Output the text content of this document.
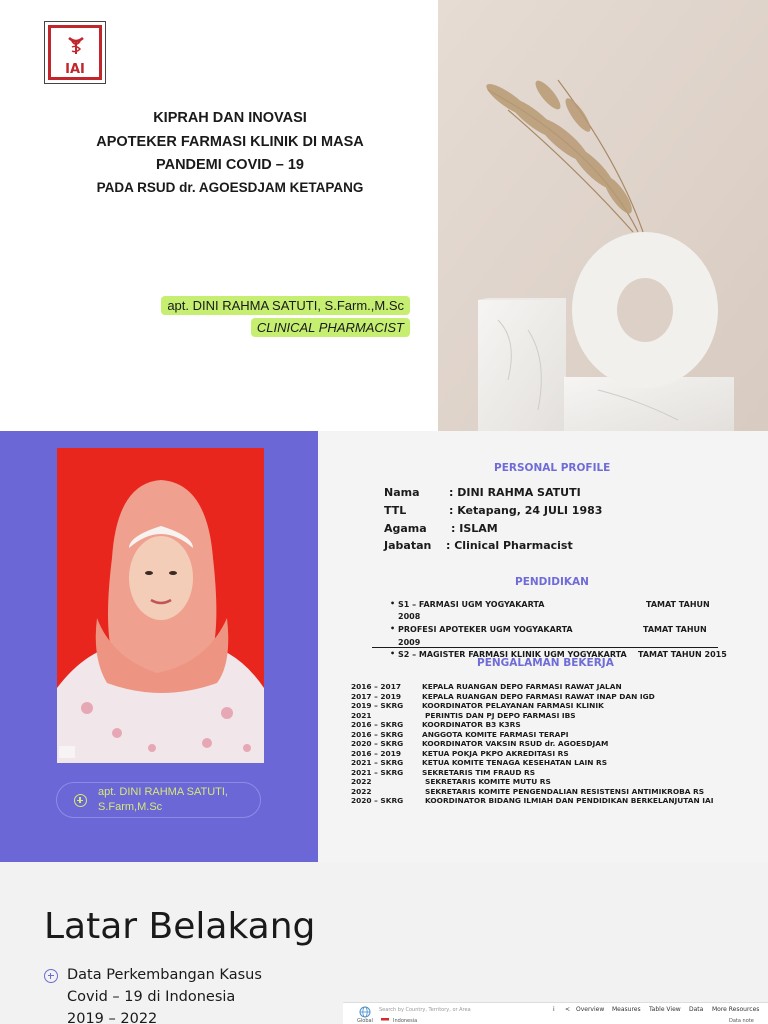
IAI
KIPRAH DAN INOVASI
APOTEKER FARMASI KLINIK DI MASA
PANDEMI COVID – 19
PADA RSUD dr. AGOESDJAM KETAPANG
apt. DINI RAHMA SATUTI, S.Farm.,M.Sc
CLINICAL PHARMACIST
apt. DINI RAHMA SATUTI, S.Farm,M.Sc
PERSONAL PROFILE
Nama	: DINI RAHMA SATUTI
TTL	: Ketapang, 24 JULI 1983
Agama : ISLAM
Jabatan : Clinical Pharmacist
PENDIDIKAN
• S1 – FARMASI UGM YOGYAKARTA	TAMAT TAHUN
2008
• PROFESI APOTEKER UGM YOGYAKARTA	TAMAT TAHUN
2009
• S2 – MAGISTER FARMASI KLINIK UGM YOGYAKARTA TAMAT TAHUN 2015
PENGALAMAN BEKERJA
2016 – 2017	KEPALA RUANGAN DEPO FARMASI RAWAT JALAN
2017 – 2019	KEPALA RUANGAN DEPO FARMASI RAWAT INAP DAN IGD
2019 – SKRG	KOORDINATOR PELAYANAN FARMASI KLINIK
2021	PERINTIS DAN PJ DEPO FARMASI IBS
2016 – SKRG	KOORDINATOR B3 K3RS
2016 – SKRG	ANGGOTA KOMITE FARMASI TERAPI
2020 – SKRG	KOORDINATOR VAKSIN RSUD dr. AGOESDJAM
2016 – 2019	KETUA POKJA PKPO AKREDITASI RS
2021 – SKRG	KETUA KOMITE TENAGA KESEHATAN LAIN RS
2021 – SKRG	SEKRETARIS TIM FRAUD RS
2022	SEKRETARIS KOMITE MUTU RS
2022	SEKRETARIS KOMITE PENGENDALIAN RESISTENSI ANTIMIKROBA RS
2020 – SKRG	KOORDINATOR BIDANG ILMIAH DAN PENDIDIKAN BERKELANJUTAN IAI
Latar Belakang
Data Perkembangan Kasus
Covid – 19 di Indonesia
2019 – 2022
Search by Country, Territory, or Area	i < Overview Measures Table View Data More Resources
Global	Indonesia	Data note
